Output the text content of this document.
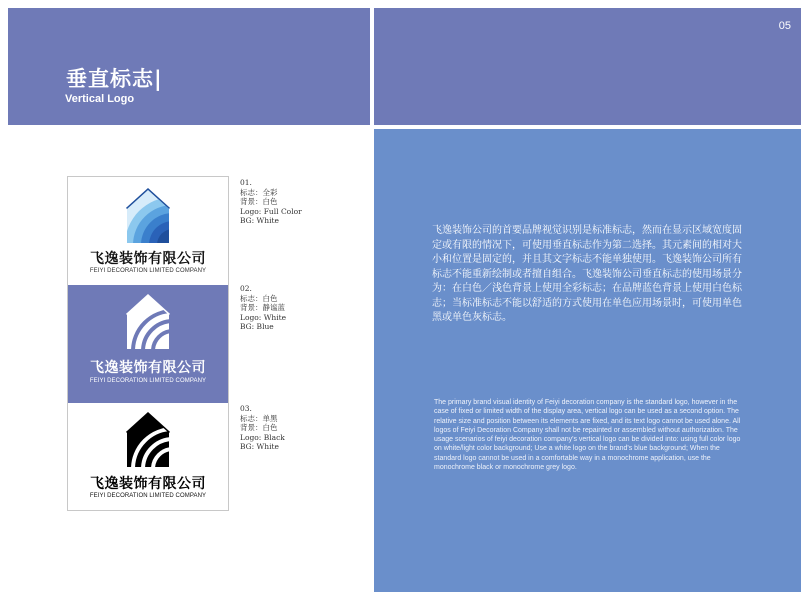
垂直标志|
Vertical Logo
05
飞逸装饰有限公司
FEIYI DECORATION LIMITED COMPANY
飞逸装饰有限公司
FEIYI DECORATION LIMITED COMPANY
飞逸装饰有限公司
FEIYI DECORATION LIMITED COMPANY
01.
标志：全彩
背景：白色
Logo: Full Color
BG: White
02.
标志：白色
背景：静谧蓝
Logo: White
BG: Blue
03.
标志：单黑
背景：白色
Logo: Black
BG: White
飞逸装饰公司的首要品牌视觉识别是标准标志，然而在显示区域宽度固定或有限的情况下，可使用垂直标志作为第二选择。其元素间的相对大小和位置是固定的，并且其文字标志不能单独使用。飞逸装饰公司所有标志不能重新绘制或者擅自组合。飞逸装饰公司垂直标志的使用场景分为：在白色／浅色背景上使用全彩标志；在品牌蓝色背景上使用白色标志；当标准标志不能以舒适的方式使用在单色应用场景时，可使用单色黑或单色灰标志。
The primary brand visual identity of Feiyi decoration company is the standard logo, however in the case of fixed or limited width of the display area, vertical logo can be used as a second option. The relative size and position between its elements are fixed, and its text logo cannot be used alone. All logos of Feiyi Decoration Company shall not be repainted or assembled without authorization. The usage scenarios of feiyi decoration company's vertical logo can be divided into: using full color logo on white/light color background; Use a white logo on the brand's blue background; When the standard logo cannot be used in a comfortable way in a monochrome application, use the monochrome black or monochrome grey logo.
